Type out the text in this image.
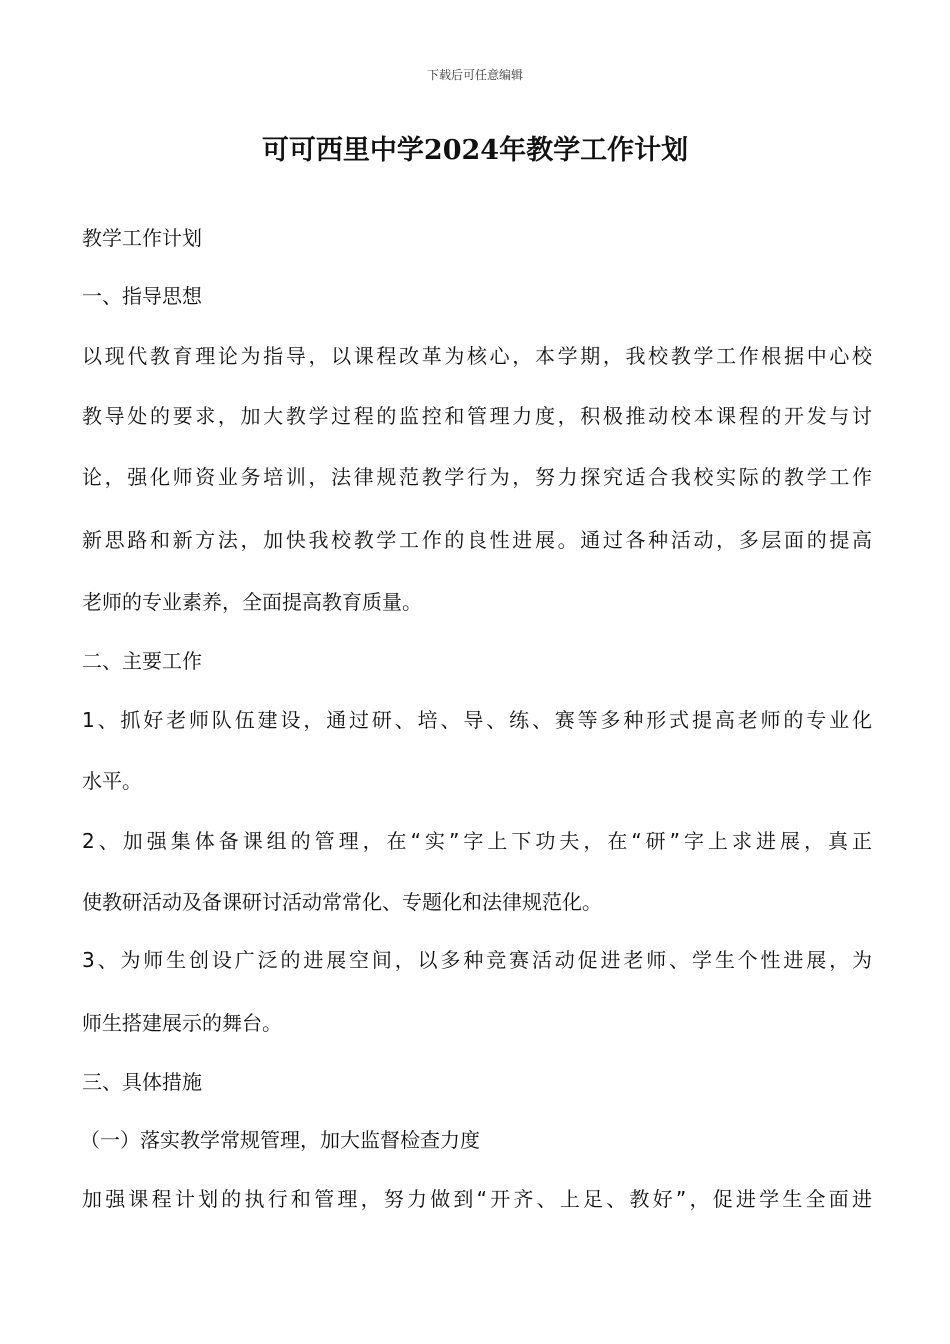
下载后可任意编辑
可可西里中学2024年教学工作计划
教学工作计划
一、指导思想
以现代教育理论为指导，以课程改革为核心，本学期，我校教学工作根据中心校
教导处的要求，加大教学过程的监控和管理力度，积极推动校本课程的开发与讨
论，强化师资业务培训，法律规范教学行为，努力探究适合我校实际的教学工作
新思路和新方法，加快我校教学工作的良性进展。通过各种活动，多层面的提高
老师的专业素养，全面提高教育质量。
二、主要工作
1、抓好老师队伍建设，通过研、培、导、练、赛等多种形式提高老师的专业化
水平。
2、加强集体备课组的管理，在“实”字上下功夫，在“研”字上求进展，真正
使教研活动及备课研讨活动常常化、专题化和法律规范化。
3、为师生创设广泛的进展空间，以多种竞赛活动促进老师、学生个性进展，为
师生搭建展示的舞台。
三、具体措施
（一）落实教学常规管理，加大监督检查力度
加强课程计划的执行和管理，努力做到“开齐、上足、教好”，促进学生全面进
